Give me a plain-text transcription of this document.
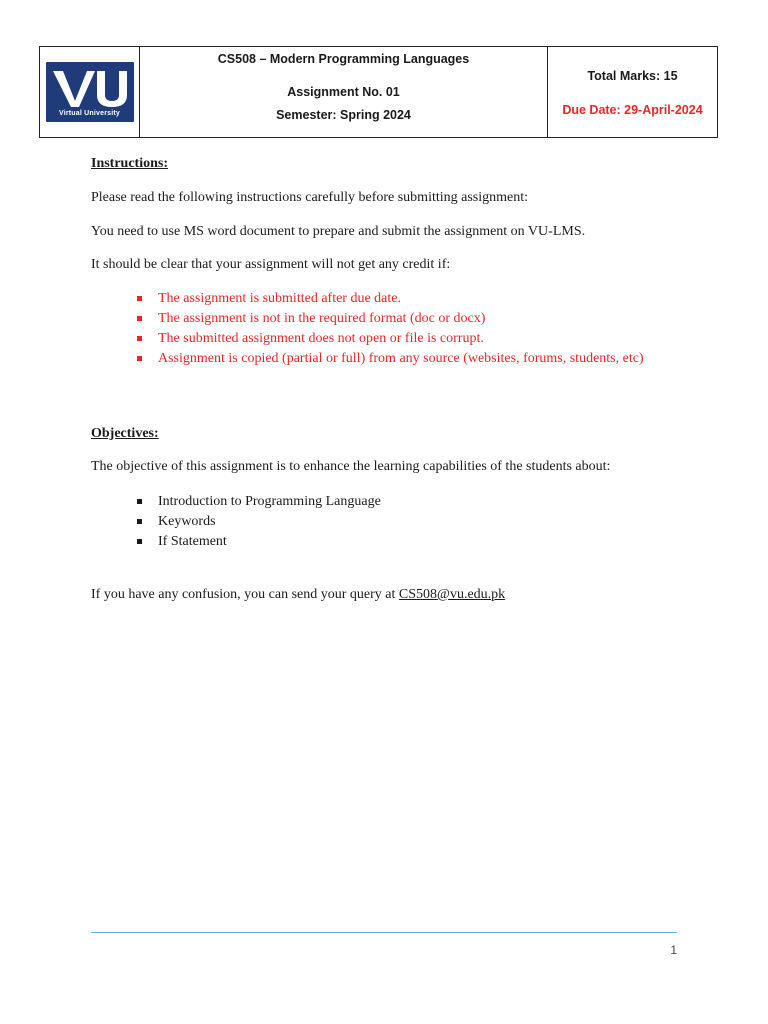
Virtual University

CS508 – Modern Programming Languages
Assignment No. 01
Semester: Spring 2024

Total Marks: 15
Due Date: 29-April-2024
Instructions:
Please read the following instructions carefully before submitting assignment:
You need to use MS word document to prepare and submit the assignment on VU-LMS.
It should be clear that your assignment will not get any credit if:
The assignment is submitted after due date.
The assignment is not in the required format (doc or docx)
The submitted assignment does not open or file is corrupt.
Assignment is copied (partial or full) from any source (websites, forums, students, etc)
Objectives:
The objective of this assignment is to enhance the learning capabilities of the students about:
Introduction to Programming Language
Keywords
If Statement
If you have any confusion, you can send your query at CS508@vu.edu.pk
1
